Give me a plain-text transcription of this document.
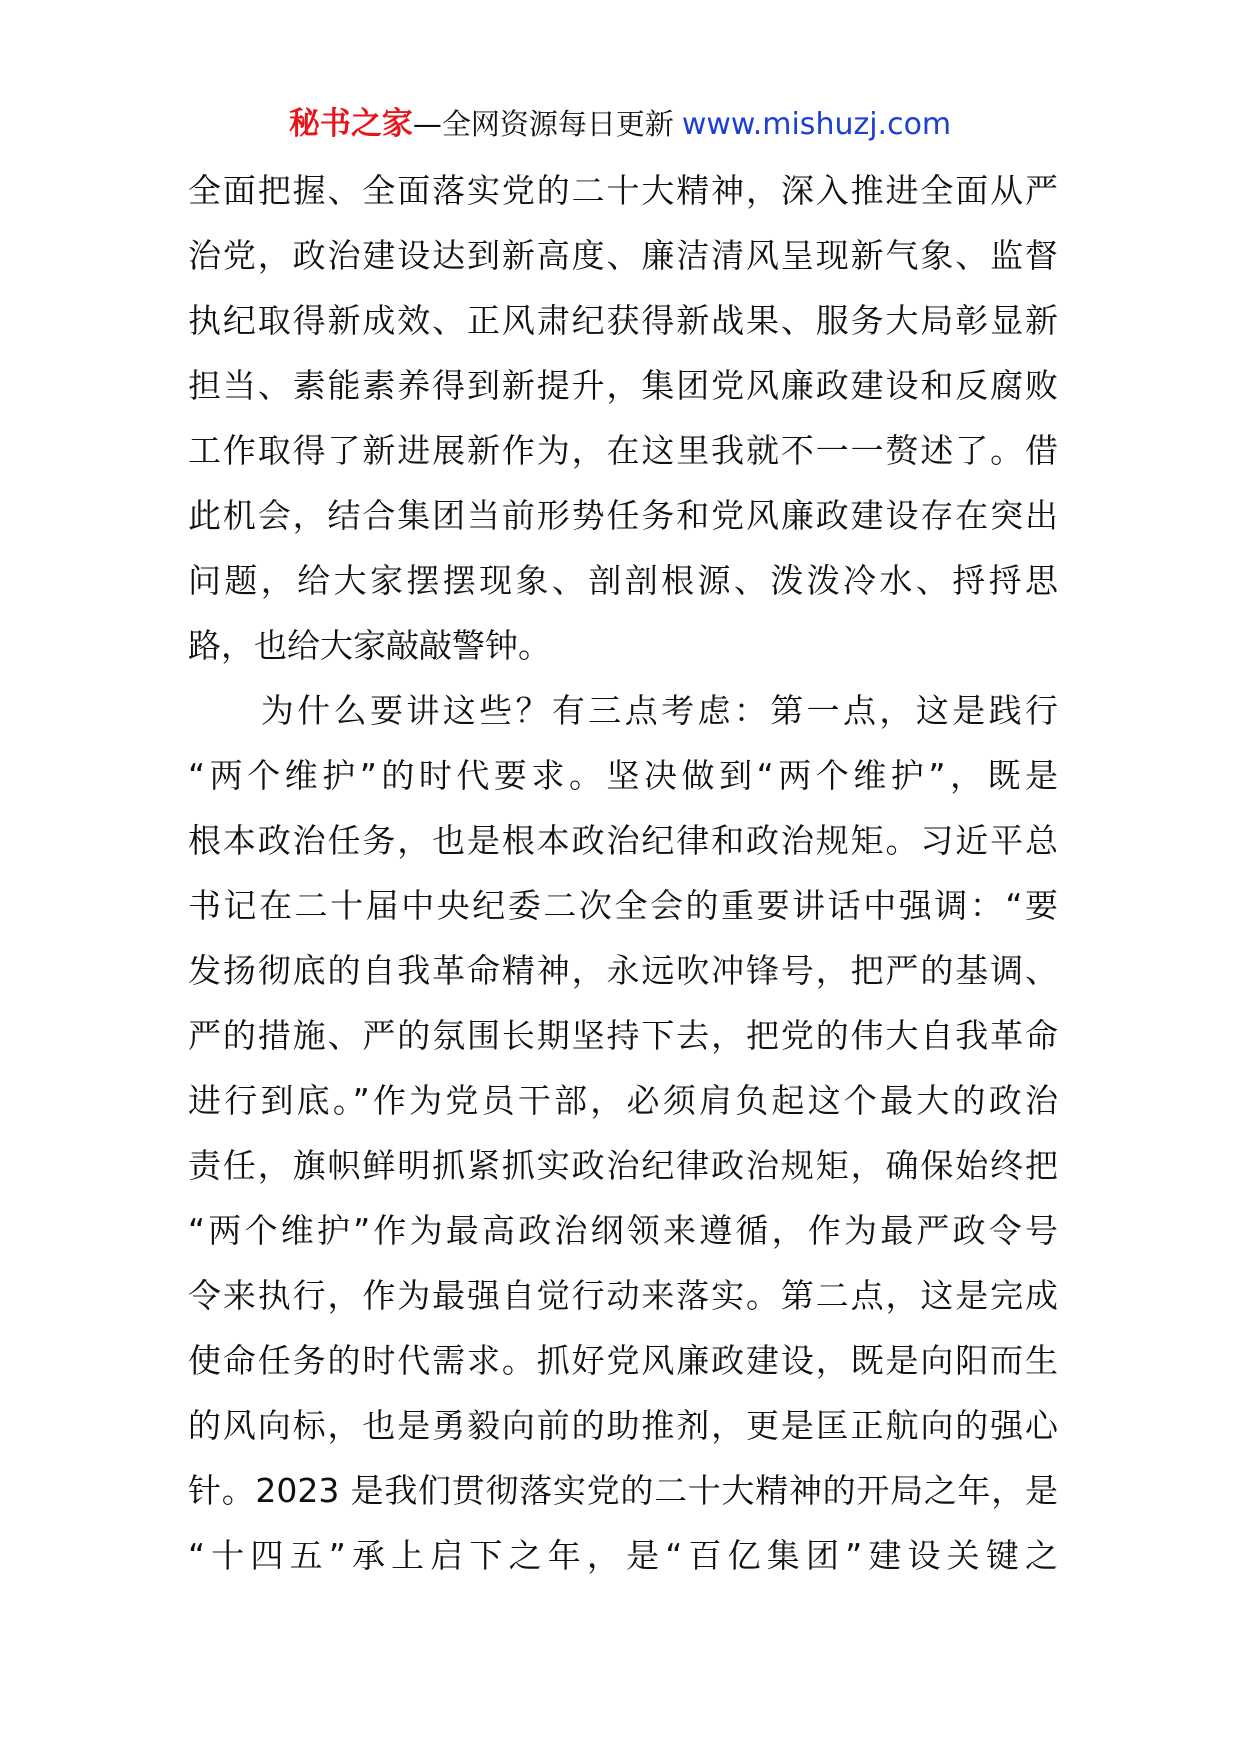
秘书之家—全网资源每日更新 www.mishuzj.com
全面把握、全面落实党的二十大精神，深入推进全面从严
治党，政治建设达到新高度、廉洁清风呈现新气象、监督
执纪取得新成效、正风肃纪获得新战果、服务大局彰显新
担当、素能素养得到新提升，集团党风廉政建设和反腐败
工作取得了新进展新作为，在这里我就不一一赘述了。借
此机会，结合集团当前形势任务和党风廉政建设存在突出
问题，给大家摆摆现象、剖剖根源、泼泼冷水、捋捋思
路，也给大家敲敲警钟。
　　为什么要讲这些？有三点考虑：第一点，这是践行
“两个维护”的时代要求。坚决做到“两个维护”，既是
根本政治任务，也是根本政治纪律和政治规矩。习近平总
书记在二十届中央纪委二次全会的重要讲话中强调：“要
发扬彻底的自我革命精神，永远吹冲锋号，把严的基调、
严的措施、严的氛围长期坚持下去，把党的伟大自我革命
进行到底。”作为党员干部，必须肩负起这个最大的政治
责任，旗帜鲜明抓紧抓实政治纪律政治规矩，确保始终把
“两个维护”作为最高政治纲领来遵循，作为最严政令号
令来执行，作为最强自觉行动来落实。第二点，这是完成
使命任务的时代需求。抓好党风廉政建设，既是向阳而生
的风向标，也是勇毅向前的助推剂，更是匡正航向的强心
针。2023 是我们贯彻落实党的二十大精神的开局之年，是
“十四五”承上启下之年，是“百亿集团”建设关键之
